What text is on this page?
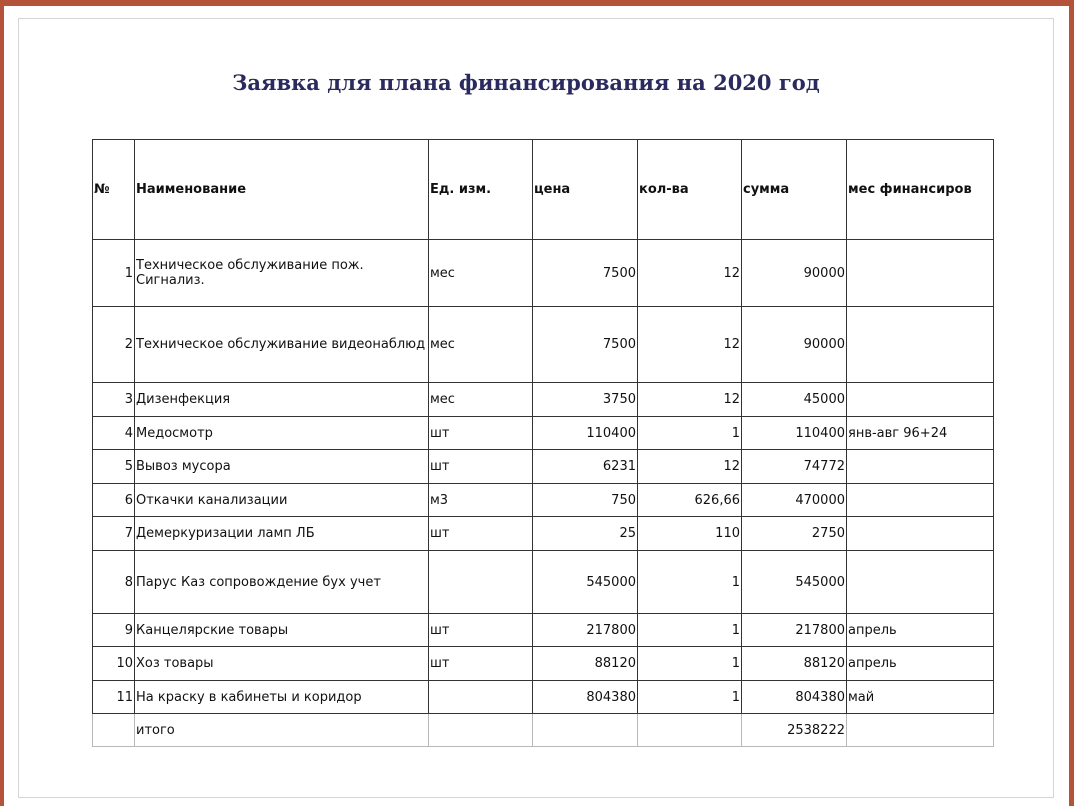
Заявка для плана финансирования на 2020 год
№	Наименование	Ед. изм.	цена	кол-ва	сумма	мес финансиров
1	Техническое обслуживание пож. Сигнализ.	мес	7500	12	90000	
2	Техническое обслуживание видеонаблюд	мес	7500	12	90000	
3	Дизенфекция	мес	3750	12	45000	
4	Медосмотр	шт	110400	1	110400	янв-авг 96+24
5	Вывоз мусора	шт	6231	12	74772	
6	Откачки канализации	м3	750	626,66	470000	
7	Демеркуризации ламп ЛБ	шт	25	110	2750	
8	Парус Каз сопровождение бух учет		545000	1	545000	
9	Канцелярские товары	шт	217800	1	217800	апрель
10	Хоз товары	шт	88120	1	88120	апрель
11	На краску в кабинеты и коридор		804380	1	804380	май
	итого				2538222	
